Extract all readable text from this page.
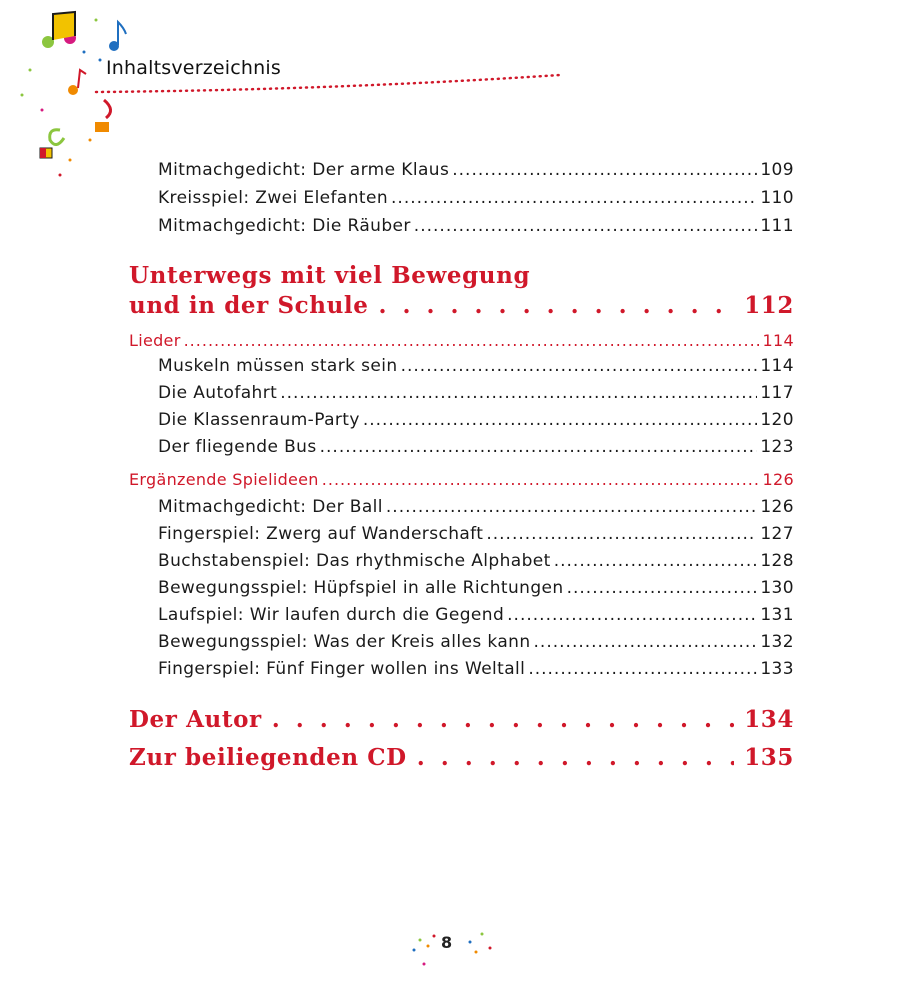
Inhaltsverzeichnis
Mitmachgedicht: Der arme Klaus .....	109
Kreisspiel: Zwei Elefanten .....	110
Mitmachgedicht: Die Räuber .....	111
Unterwegs mit viel Bewegung
und in der Schule . . .	112
Lieder .....	114
Muskeln müssen stark sein .....	114
Die Autofahrt .....	117
Die Klassenraum-Party .....	120
Der fliegende Bus .....	123
Ergänzende Spielideen .....	126
Mitmachgedicht: Der Ball .....	126
Fingerspiel: Zwerg auf Wanderschaft .....	127
Buchstabenspiel: Das rhythmische Alphabet .....	128
Bewegungsspiel: Hüpfspiel in alle Richtungen .....	130
Laufspiel: Wir laufen durch die Gegend .....	131
Bewegungsspiel: Was der Kreis alles kann .....	132
Fingerspiel: Fünf Finger wollen ins Weltall .....	133
Der Autor . . .	134
Zur beiliegenden CD . . .	135
8
